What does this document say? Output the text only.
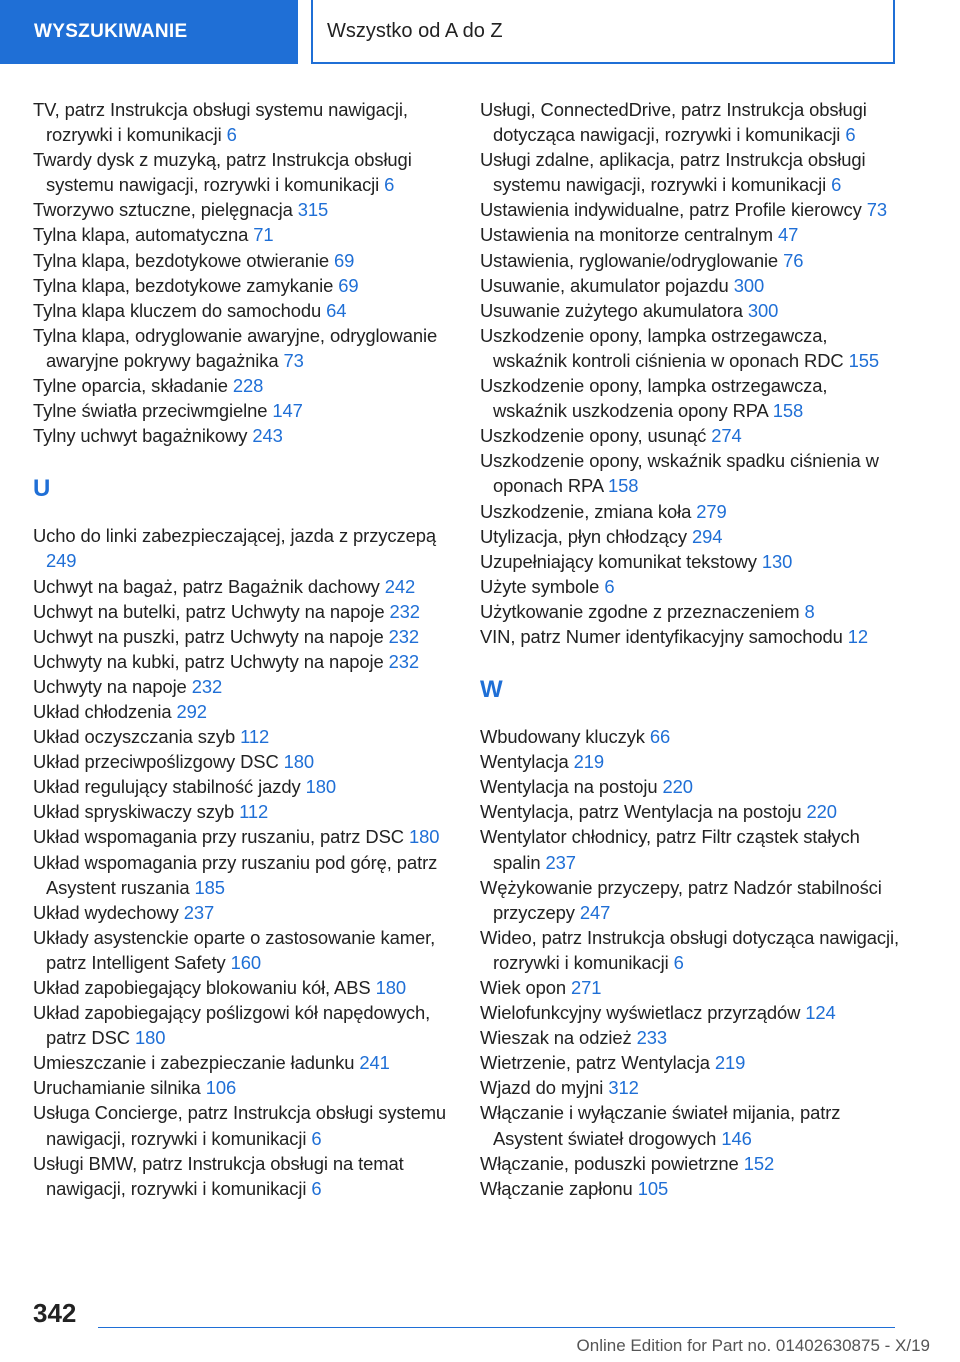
WYSZUKIWANIE	Wszystko od A do Z
TV, patrz Instrukcja obsługi systemu nawigacji, rozrywki i komunikacji 6
Twardy dysk z muzyką, patrz Instrukcja obsługi systemu nawigacji, rozrywki i komunikacji 6
Tworzywo sztuczne, pielęgnacja 315
Tylna klapa, automatyczna 71
Tylna klapa, bezdotykowe otwieranie 69
Tylna klapa, bezdotykowe zamykanie 69
Tylna klapa kluczem do samochodu 64
Tylna klapa, odryglowanie awaryjne, odryglowanie awaryjne pokrywy bagażnika 73
Tylne oparcia, składanie 228
Tylne światła przeciwmgielne 147
Tylny uchwyt bagażnikowy 243
U
Ucho do linki zabezpieczającej, jazda z przyczepą 249
Uchwyt na bagaż, patrz Bagażnik dachowy 242
Uchwyt na butelki, patrz Uchwyty na napoje 232
Uchwyt na puszki, patrz Uchwyty na napoje 232
Uchwyty na kubki, patrz Uchwyty na napoje 232
Uchwyty na napoje 232
Układ chłodzenia 292
Układ oczyszczania szyb 112
Układ przeciwpoślizgowy DSC 180
Układ regulujący stabilność jazdy 180
Układ spryskiwaczy szyb 112
Układ wspomagania przy ruszaniu, patrz DSC 180
Układ wspomagania przy ruszaniu pod górę, patrz Asystent ruszania 185
Układ wydechowy 237
Układy asystenckie oparte o zastosowanie kamer, patrz Intelligent Safety 160
Układ zapobiegający blokowaniu kół, ABS 180
Układ zapobiegający poślizgowi kół napędowych, patrz DSC 180
Umieszczanie i zabezpieczanie ładunku 241
Uruchamianie silnika 106
Usługa Concierge, patrz Instrukcja obsługi systemu nawigacji, rozrywki i komunikacji 6
Usługi BMW, patrz Instrukcja obsługi na temat nawigacji, rozrywki i komunikacji 6
Usługi, ConnectedDrive, patrz Instrukcja obsługi dotycząca nawigacji, rozrywki i komunikacji 6
Usługi zdalne, aplikacja, patrz Instrukcja obsługi systemu nawigacji, rozrywki i komunikacji 6
Ustawienia indywidualne, patrz Profile kierowcy 73
Ustawienia na monitorze centralnym 47
Ustawienia, ryglowanie/odryglowanie 76
Usuwanie, akumulator pojazdu 300
Usuwanie zużytego akumulatora 300
Uszkodzenie opony, lampka ostrzegawcza, wskaźnik kontroli ciśnienia w oponach RDC 155
Uszkodzenie opony, lampka ostrzegawcza, wskaźnik uszkodzenia opony RPA 158
Uszkodzenie opony, usunąć 274
Uszkodzenie opony, wskaźnik spadku ciśnienia w oponach RPA 158
Uszkodzenie, zmiana koła 279
Utylizacja, płyn chłodzący 294
Uzupełniający komunikat tekstowy 130
Użyte symbole 6
Użytkowanie zgodne z przeznaczeniem 8
VIN, patrz Numer identyfikacyjny samochodu 12
W
Wbudowany kluczyk 66
Wentylacja 219
Wentylacja na postoju 220
Wentylacja, patrz Wentylacja na postoju 220
Wentylator chłodnicy, patrz Filtr cząstek stałych spalin 237
Wężykowanie przyczepy, patrz Nadzór stabilności przyczepy 247
Wideo, patrz Instrukcja obsługi dotycząca nawigacji, rozrywki i komunikacji 6
Wiek opon 271
Wielofunkcyjny wyświetlacz przyrządów 124
Wieszak na odzież 233
Wietrzenie, patrz Wentylacja 219
Wjazd do myjni 312
Włączanie i wyłączanie świateł mijania, patrz Asystent świateł drogowych 146
Włączanie, poduszki powietrzne 152
Włączanie zapłonu 105
342
Online Edition for Part no. 01402630875 - X/19
